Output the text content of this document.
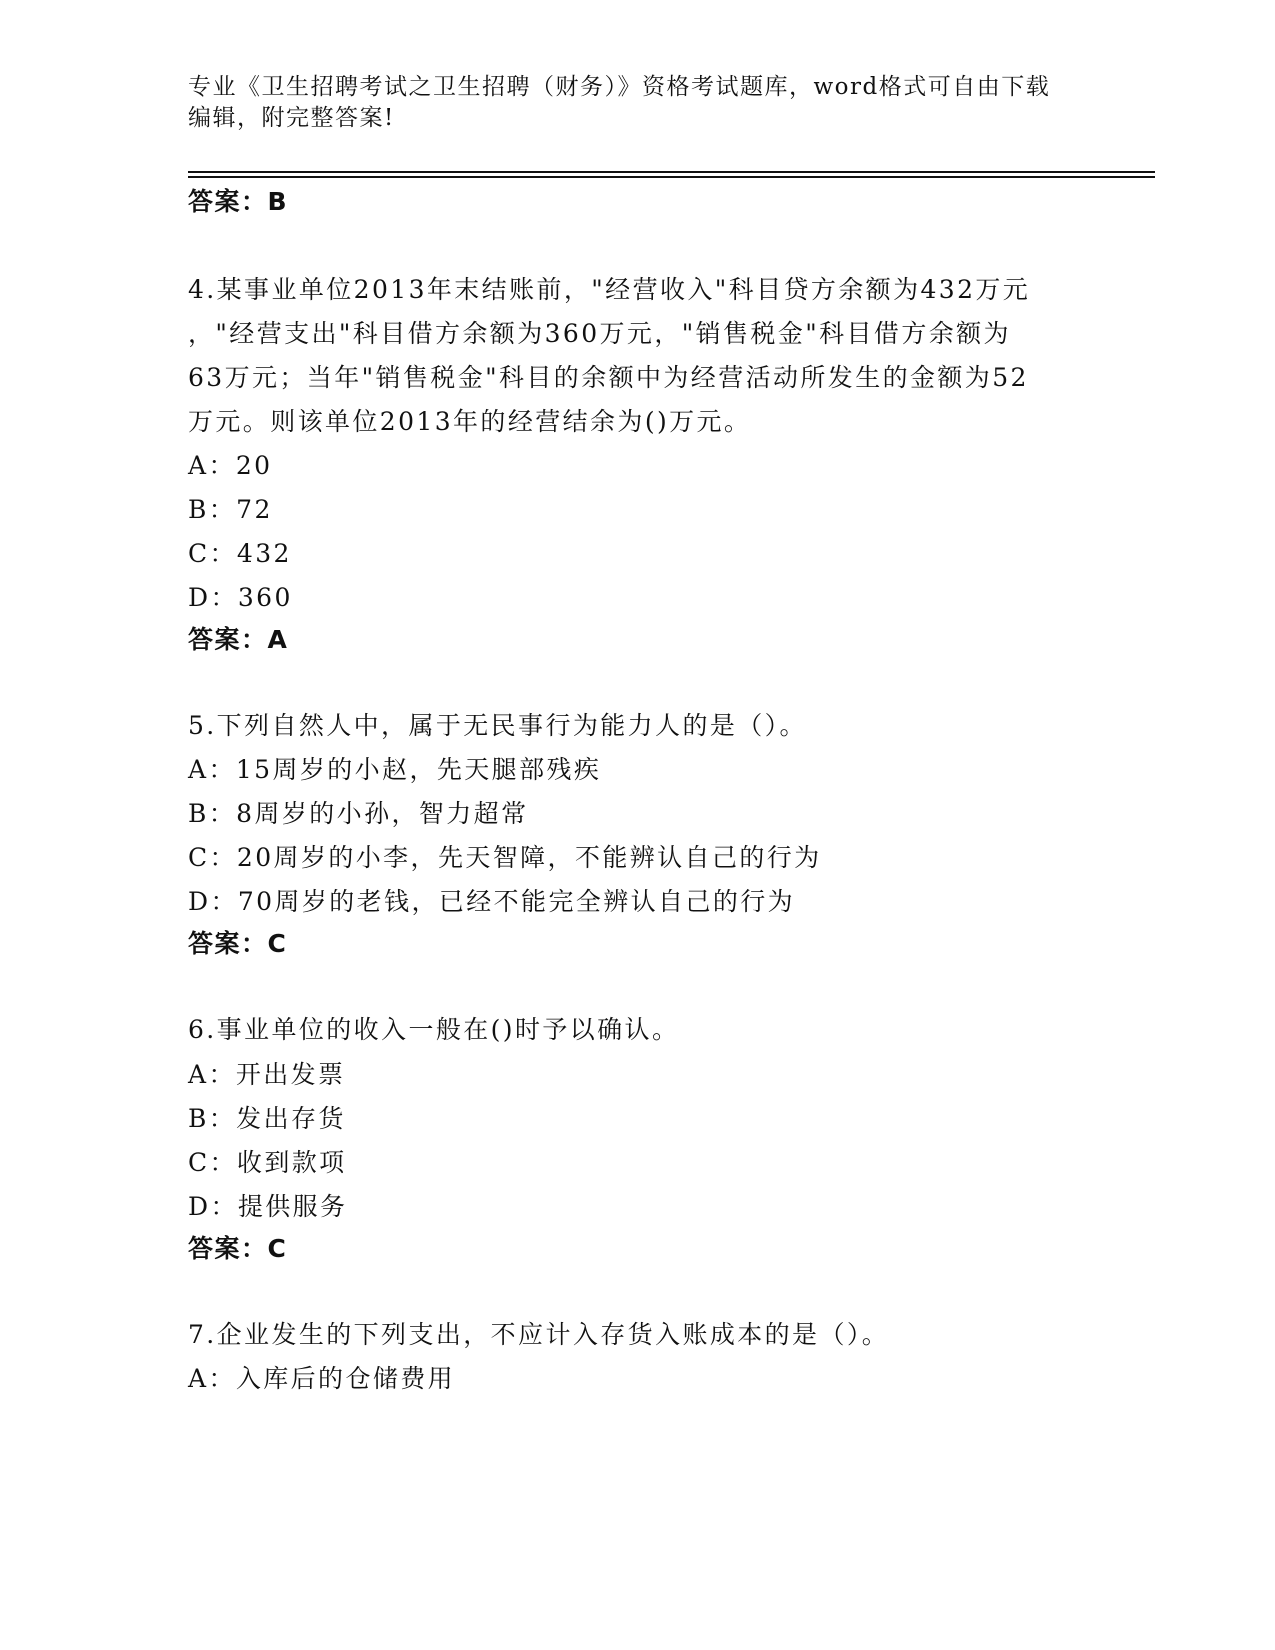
专业《卫生招聘考试之卫生招聘（财务）》资格考试题库，word格式可自由下载
编辑，附完整答案!
答案：B
4.某事业单位2013年末结账前，"经营收入"科目贷方余额为432万元
，"经营支出"科目借方余额为360万元，"销售税金"科目借方余额为
63万元；当年"销售税金"科目的余额中为经营活动所发生的金额为52
万元。则该单位2013年的经营结余为()万元。
A：20
B：72
C：432
D：360
答案：A
5.下列自然人中，属于无民事行为能力人的是（）。
A：15周岁的小赵，先天腿部残疾
B：8周岁的小孙，智力超常
C：20周岁的小李，先天智障，不能辨认自己的行为
D：70周岁的老钱，已经不能完全辨认自己的行为
答案：C
6.事业单位的收入一般在()时予以确认。
A：开出发票
B：发出存货
C：收到款项
D：提供服务
答案：C
7.企业发生的下列支出，不应计入存货入账成本的是（）。
A：入库后的仓储费用
